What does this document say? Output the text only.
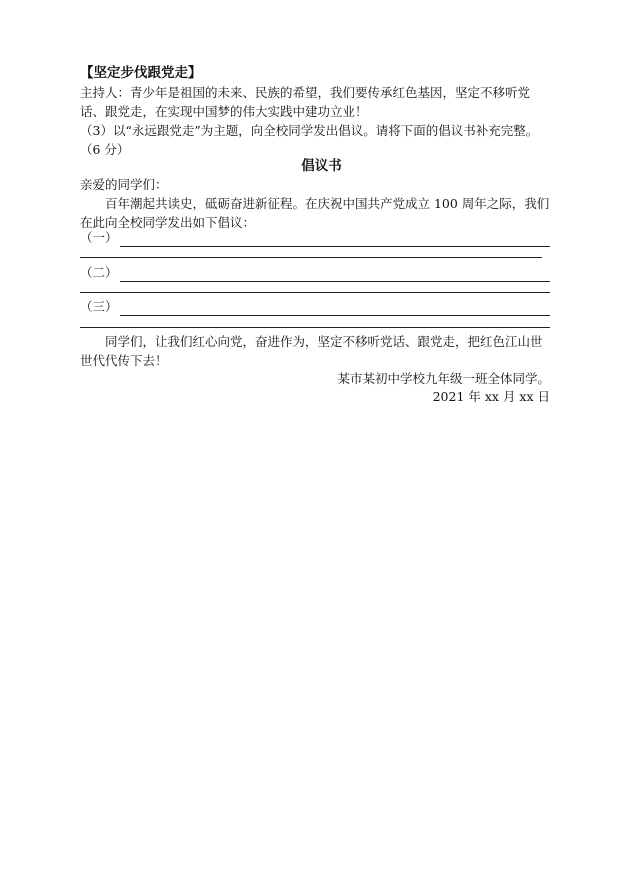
【坚定步伐跟党走】

主持人：青少年是祖国的未来、民族的希望，我们要传承红色基因，坚定不移听党话、跟党走，在实现中国梦的伟大实践中建功立业！

（3）以“永远跟党走”为主题，向全校同学发出倡议。请将下面的倡议书补充完整。（6 分）

倡议书

亲爱的同学们：

百年潮起共读史，砥砺奋进新征程。在庆祝中国共产党成立 100 周年之际，我们在此向全校同学发出如下倡议：

（一）
（二）
（三）

同学们，让我们红心向党，奋进作为，坚定不移听党话、跟党走，把红色江山世世代代传下去！

某市某初中学校九年级一班全体同学。
2021 年 xx 月 xx 日
